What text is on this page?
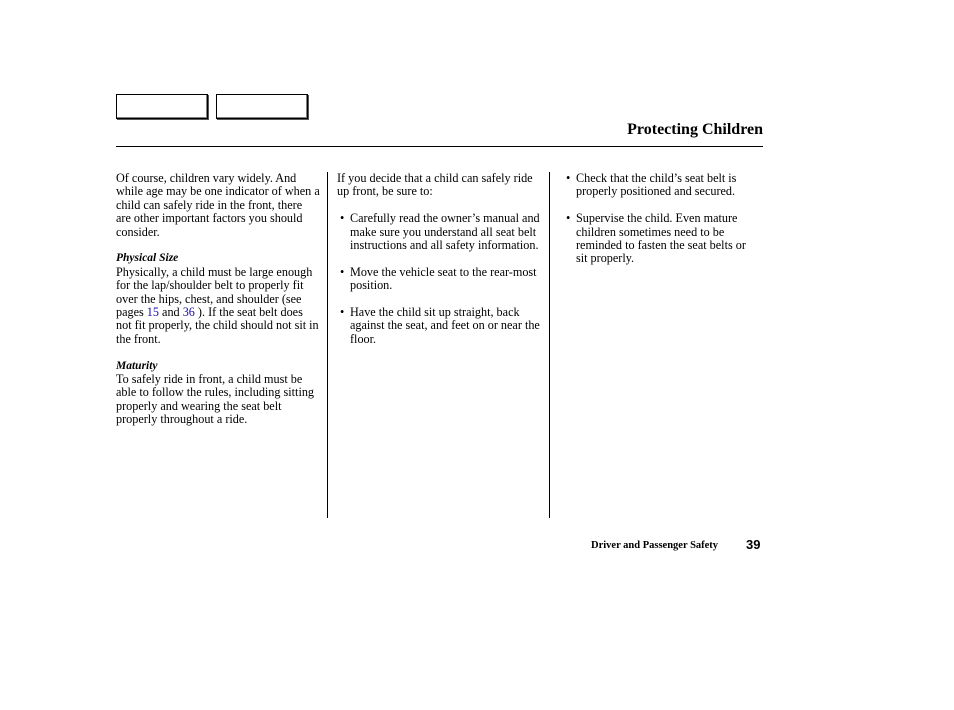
Protecting Children

Of course, children vary widely. And while age may be one indicator of when a child can safely ride in the front, there are other important factors you should consider.

Physical Size

Physically, a child must be large enough for the lap/shoulder belt to properly fit over the hips, chest, and shoulder (see pages 15 and 36 ). If the seat belt does not fit properly, the child should not sit in the front.

Maturity

To safely ride in front, a child must be able to follow the rules, including sitting properly and wearing the seat belt properly throughout a ride.

If you decide that a child can safely ride up front, be sure to:

• Carefully read the owner’s manual and make sure you understand all seat belt instructions and all safety information.

• Move the vehicle seat to the rear-most position.

• Have the child sit up straight, back against the seat, and feet on or near the floor.

• Check that the child’s seat belt is properly positioned and secured.

• Supervise the child. Even mature children sometimes need to be reminded to fasten the seat belts or sit properly.

Driver and Passenger Safety 39
